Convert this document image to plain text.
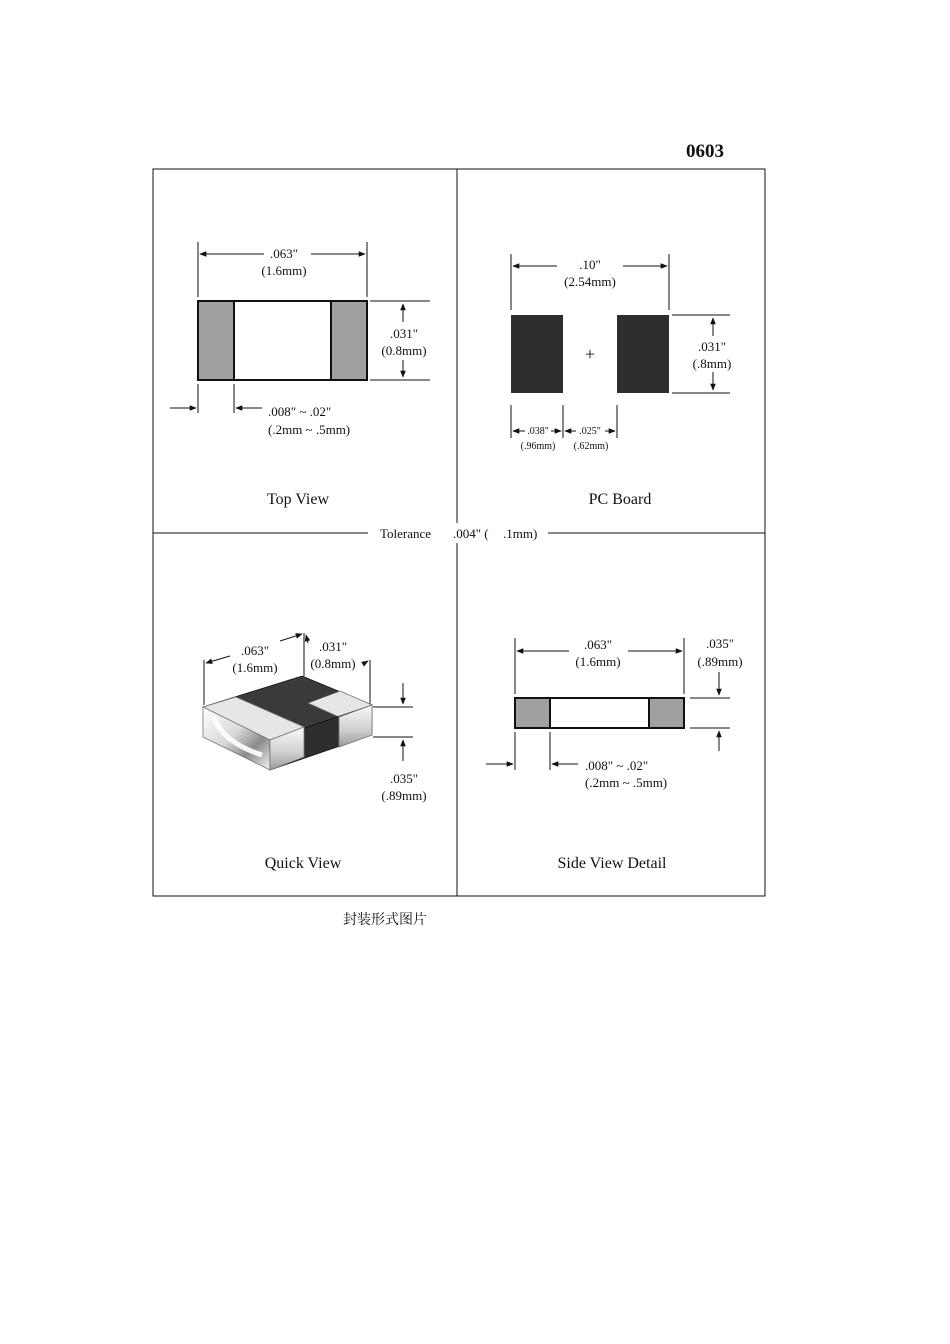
0603
Tolerance .004" ( .1mm)
.063"
(1.6mm)
.031"
(0.8mm)
.008" ~ .02"
(.2mm ~ .5mm)
Top View
.10"
(2.54mm)
+	.031"
(.8mm)
.038"	.025"
(.96mm) (.62mm)
PC Board
.063"
(1.6mm)
.031"
(0.8mm)
.035"
(.89mm)
Quick View
.063"
(1.6mm)
.035"
(.89mm)
.008" ~ .02"
(.2mm ~ .5mm)
Side View Detail
封装形式图片
